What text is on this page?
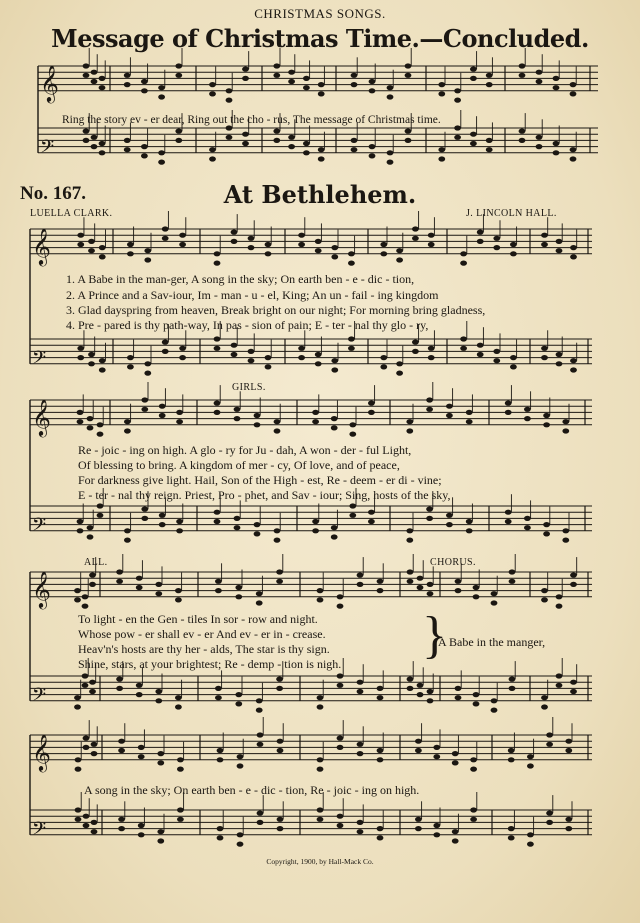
𝄞
𝄢
𝄞
𝄢
𝄞
𝄢
𝄞
𝄢
𝄞
𝄢
CHRISTMAS SONGS.
Message of Christmas Time.—Concluded.
Ring the story ev - er dear, Ring out the cho - rus, The message of Christmas time.
No. 167.	At Bethlehem.
LUELLA CLARK.	J. LINCOLN HALL.
1. A Babe in the man-ger, A song in the sky; On earth ben - e - dic - tion,
2. A Prince and a Sav-iour, Im - man - u - el, King; An un - fail - ing kingdom
3. Glad dayspring from heaven, Break bright on our night; For morning bring gladness,
4. Pre - pared is thy path-way, In pas - sion of pain; E - ter - nal thy glo - ry,
GIRLS.
Re - joic - ing on high. A glo - ry for Ju - dah, A won - der - ful Light,
Of blessing to bring. A kingdom of mer - cy, Of love, and of peace,
For darkness give light. Hail, Son of the High - est, Re - deem - er di - vine;
E - ter - nal thy reign. Priest, Pro - phet, and Sav - iour; Sing, hosts of the sky,
ALL.	CHORUS.
To light - en the Gen - tiles In sor - row and night.
Whose pow - er shall ev - er And ev - er in - crease.
Heav'n's hosts are thy her - alds, The star is thy sign.
Shine, stars, at your brightest; Re - demp - tion is nigh. }
A Babe in the manger,
A song in the sky; On earth ben - e - dic - tion, Re - joic - ing on high.
Copyright, 1900, by Hall-Mack Co.
